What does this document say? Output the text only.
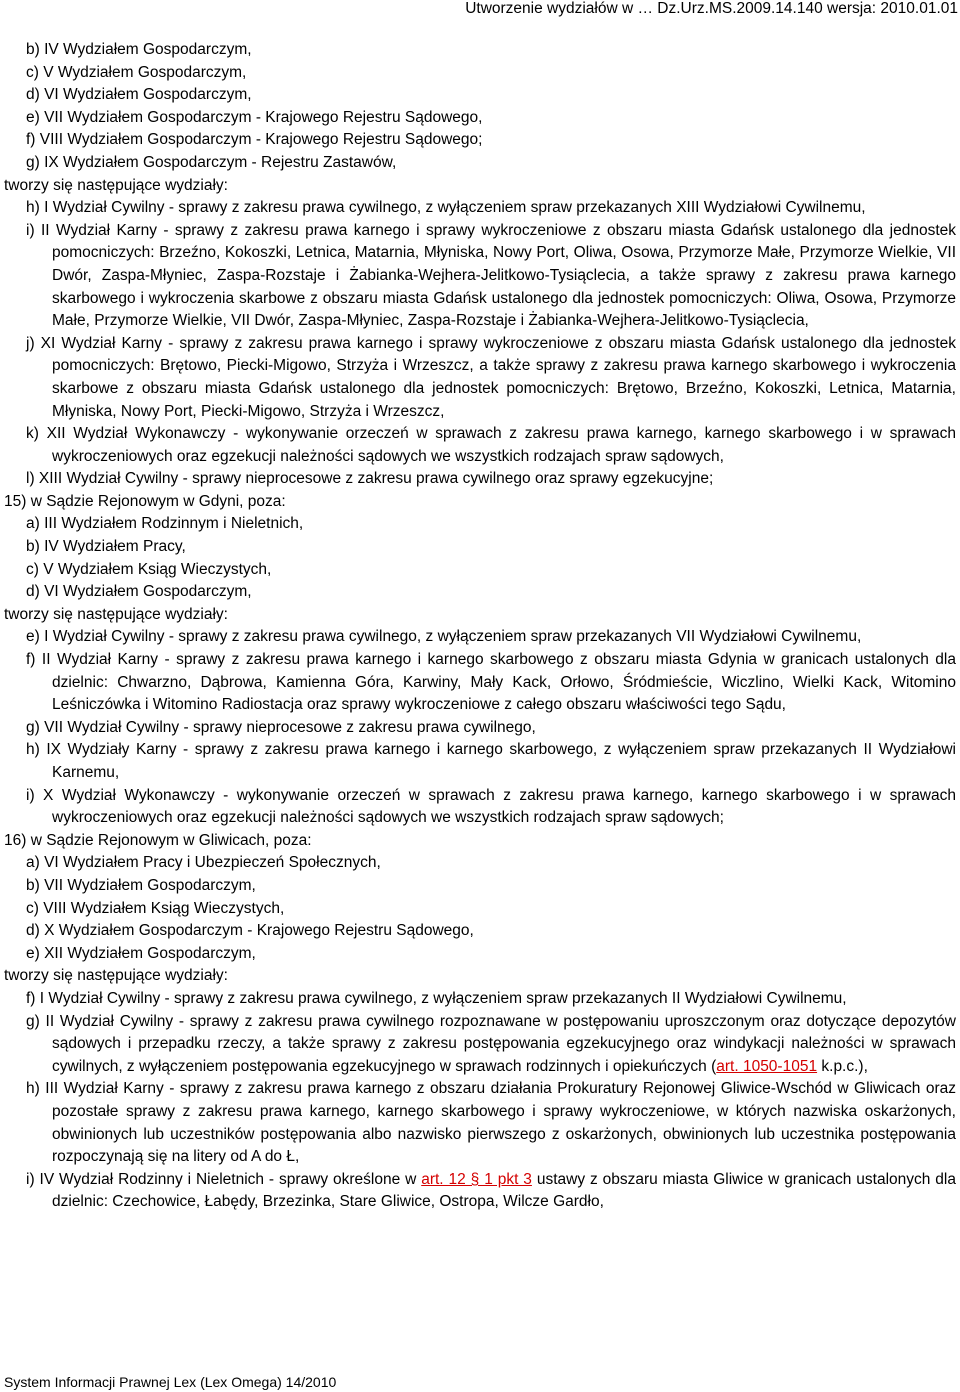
Utworzenie wydziałów w … Dz.Urz.MS.2009.14.140 wersja: 2010.01.01

b) IV Wydziałem Gospodarczym,

c) V Wydziałem Gospodarczym,

d) VI Wydziałem Gospodarczym,

e) VII Wydziałem Gospodarczym - Krajowego Rejestru Sądowego,

f) VIII Wydziałem Gospodarczym - Krajowego Rejestru Sądowego;

g) IX Wydziałem Gospodarczym - Rejestru Zastawów,

tworzy się następujące wydziały:

h) I Wydział Cywilny - sprawy z zakresu prawa cywilnego, z wyłączeniem spraw przekazanych XIII Wydziałowi Cywilnemu,

i) II Wydział Karny - sprawy z zakresu prawa karnego i sprawy wykroczeniowe z obszaru miasta Gdańsk ustalonego dla jednostek pomocniczych: Brzeźno, Kokoszki, Letnica, Matarnia, Młyniska, Nowy Port, Oliwa, Osowa, Przymorze Małe, Przymorze Wielkie, VII Dwór, Zaspa-Młyniec, Zaspa-Rozstaje i Żabianka-Wejhera-Jelitkowo-Tysiąclecia, a także sprawy z zakresu prawa karnego skarbowego i wykroczenia skarbowe z obszaru miasta Gdańsk ustalonego dla jednostek pomocniczych: Oliwa, Osowa, Przymorze Małe, Przymorze Wielkie, VII Dwór, Zaspa-Młyniec, Zaspa-Rozstaje i Żabianka-Wejhera-Jelitkowo-Tysiąclecia,

j) XI Wydział Karny - sprawy z zakresu prawa karnego i sprawy wykroczeniowe z obszaru miasta Gdańsk ustalonego dla jednostek pomocniczych: Brętowo, Piecki-Migowo, Strzyża i Wrzeszcz, a także sprawy z zakresu prawa karnego skarbowego i wykroczenia skarbowe z obszaru miasta Gdańsk ustalonego dla jednostek pomocniczych: Brętowo, Brzeźno, Kokoszki, Letnica, Matarnia, Młyniska, Nowy Port, Piecki-Migowo, Strzyża i Wrzeszcz,

k) XII Wydział Wykonawczy - wykonywanie orzeczeń w sprawach z zakresu prawa karnego, karnego skarbowego i w sprawach wykroczeniowych oraz egzekucji należności sądowych we wszystkich rodzajach spraw sądowych,

l) XIII Wydział Cywilny - sprawy nieprocesowe z zakresu prawa cywilnego oraz sprawy egzekucyjne;

15) w Sądzie Rejonowym w Gdyni, poza:

a) III Wydziałem Rodzinnym i Nieletnich,

b) IV Wydziałem Pracy,

c) V Wydziałem Ksiąg Wieczystych,

d) VI Wydziałem Gospodarczym,

tworzy się następujące wydziały:

e) I Wydział Cywilny - sprawy z zakresu prawa cywilnego, z wyłączeniem spraw przekazanych VII Wydziałowi Cywilnemu,

f) II Wydział Karny - sprawy z zakresu prawa karnego i karnego skarbowego z obszaru miasta Gdynia w granicach ustalonych dla dzielnic: Chwarzno, Dąbrowa, Kamienna Góra, Karwiny, Mały Kack, Orłowo, Śródmieście, Wiczlino, Wielki Kack, Witomino Leśniczówka i Witomino Radiostacja oraz sprawy wykroczeniowe z całego obszaru właściwości tego Sądu,

g) VII Wydział Cywilny - sprawy nieprocesowe z zakresu prawa cywilnego,

h) IX Wydziały Karny - sprawy z zakresu prawa karnego i karnego skarbowego, z wyłączeniem spraw przekazanych II Wydziałowi Karnemu,

i) X Wydział Wykonawczy - wykonywanie orzeczeń w sprawach z zakresu prawa karnego, karnego skarbowego i w sprawach wykroczeniowych oraz egzekucji należności sądowych we wszystkich rodzajach spraw sądowych;

16) w Sądzie Rejonowym w Gliwicach, poza:

a) VI Wydziałem Pracy i Ubezpieczeń Społecznych,

b) VII Wydziałem Gospodarczym,

c) VIII Wydziałem Ksiąg Wieczystych,

d) X Wydziałem Gospodarczym - Krajowego Rejestru Sądowego,

e) XII Wydziałem Gospodarczym,

tworzy się następujące wydziały:

f) I Wydział Cywilny - sprawy z zakresu prawa cywilnego, z wyłączeniem spraw przekazanych II Wydziałowi Cywilnemu,

g) II Wydział Cywilny - sprawy z zakresu prawa cywilnego rozpoznawane w postępowaniu uproszczonym oraz dotyczące depozytów sądowych i przepadku rzeczy, a także sprawy z zakresu postępowania egzekucyjnego oraz windykacji należności w sprawach cywilnych, z wyłączeniem postępowania egzekucyjnego w sprawach rodzinnych i opiekuńczych (art. 1050-1051 k.p.c.),

h) III Wydział Karny - sprawy z zakresu prawa karnego z obszaru działania Prokuratury Rejonowej Gliwice-Wschód w Gliwicach oraz pozostałe sprawy z zakresu prawa karnego, karnego skarbowego i sprawy wykroczeniowe, w których nazwiska oskarżonych, obwinionych lub uczestników postępowania albo nazwisko pierwszego z oskarżonych, obwinionych lub uczestnika postępowania rozpoczynają się na litery od A do Ł,

i) IV Wydział Rodzinny i Nieletnich - sprawy określone w art. 12 § 1 pkt 3 ustawy z obszaru miasta Gliwice w granicach ustalonych dla dzielnic: Czechowice, Łabędy, Brzezinka, Stare Gliwice, Ostropa, Wilcze Gardło,

System Informacji Prawnej Lex (Lex Omega) 14/2010
